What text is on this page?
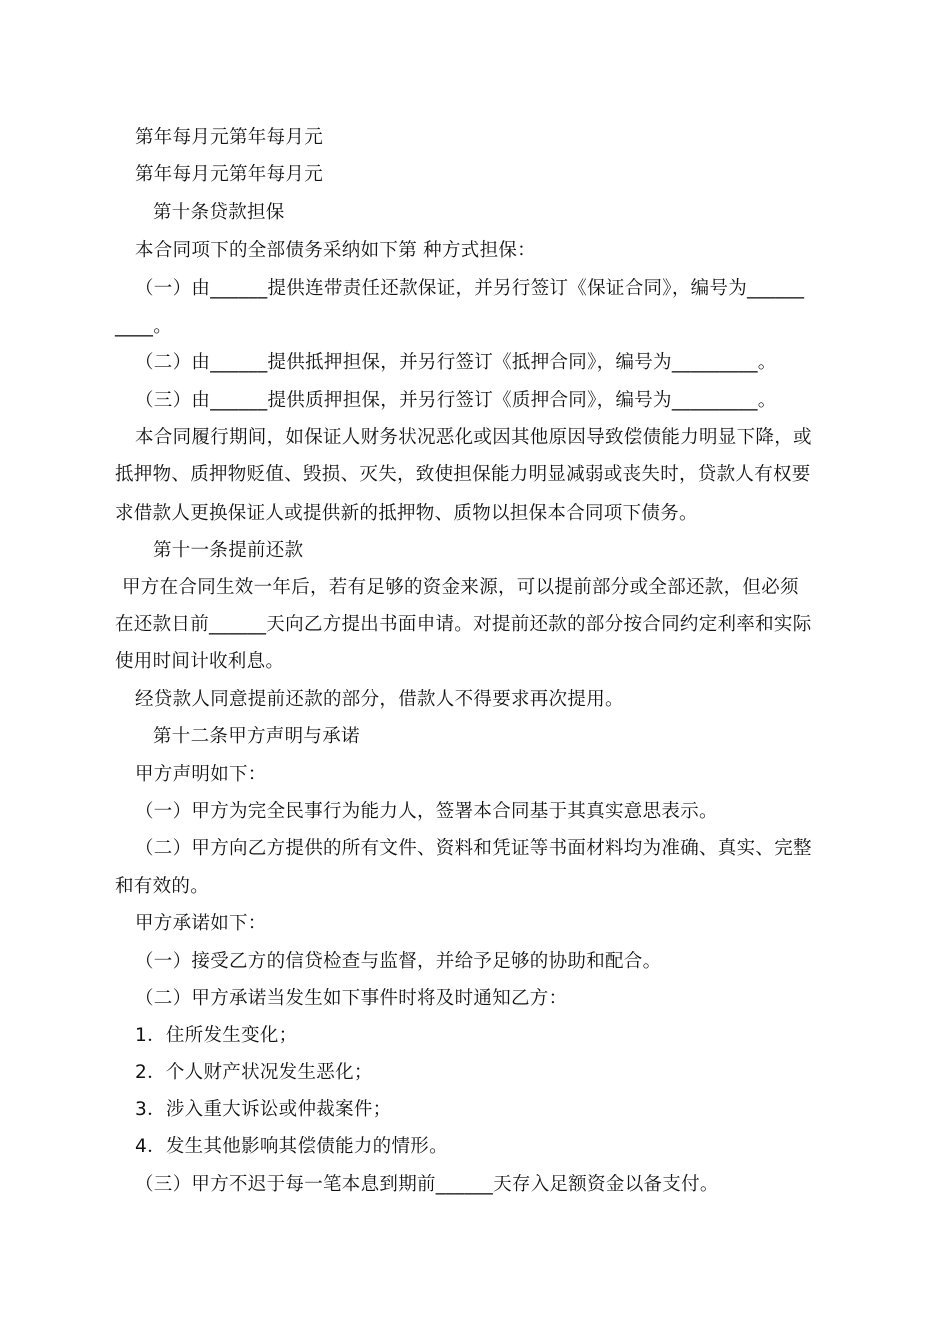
第年每月元第年每月元
第年每月元第年每月元
第十条贷款担保
本合同项下的全部债务采纳如下第 种方式担保：
（一）由______提供连带责任还款保证，并另行签订《保证合同》，编号为______
____。
（二）由______提供抵押担保，并另行签订《抵押合同》，编号为_________。
（三）由______提供质押担保，并另行签订《质押合同》，编号为_________。
本合同履行期间，如保证人财务状况恶化或因其他原因导致偿债能力明显下降，或
抵押物、质押物贬值、毁损、灭失，致使担保能力明显减弱或丧失时，贷款人有权要
求借款人更换保证人或提供新的抵押物、质物以担保本合同项下债务。
第十一条提前还款
甲方在合同生效一年后，若有足够的资金来源，可以提前部分或全部还款，但必须
在还款日前______天向乙方提出书面申请。对提前还款的部分按合同约定利率和实际
使用时间计收利息。
经贷款人同意提前还款的部分，借款人不得要求再次提用。
第十二条甲方声明与承诺
甲方声明如下：
（一）甲方为完全民事行为能力人，签署本合同基于其真实意思表示。
（二）甲方向乙方提供的所有文件、资料和凭证等书面材料均为准确、真实、完整
和有效的。
甲方承诺如下：
（一）接受乙方的信贷检查与监督，并给予足够的协助和配合。
（二）甲方承诺当发生如下事件时将及时通知乙方：
1．住所发生变化；
2．个人财产状况发生恶化；
3．涉入重大诉讼或仲裁案件；
4．发生其他影响其偿债能力的情形。
（三）甲方不迟于每一笔本息到期前______天存入足额资金以备支付。
